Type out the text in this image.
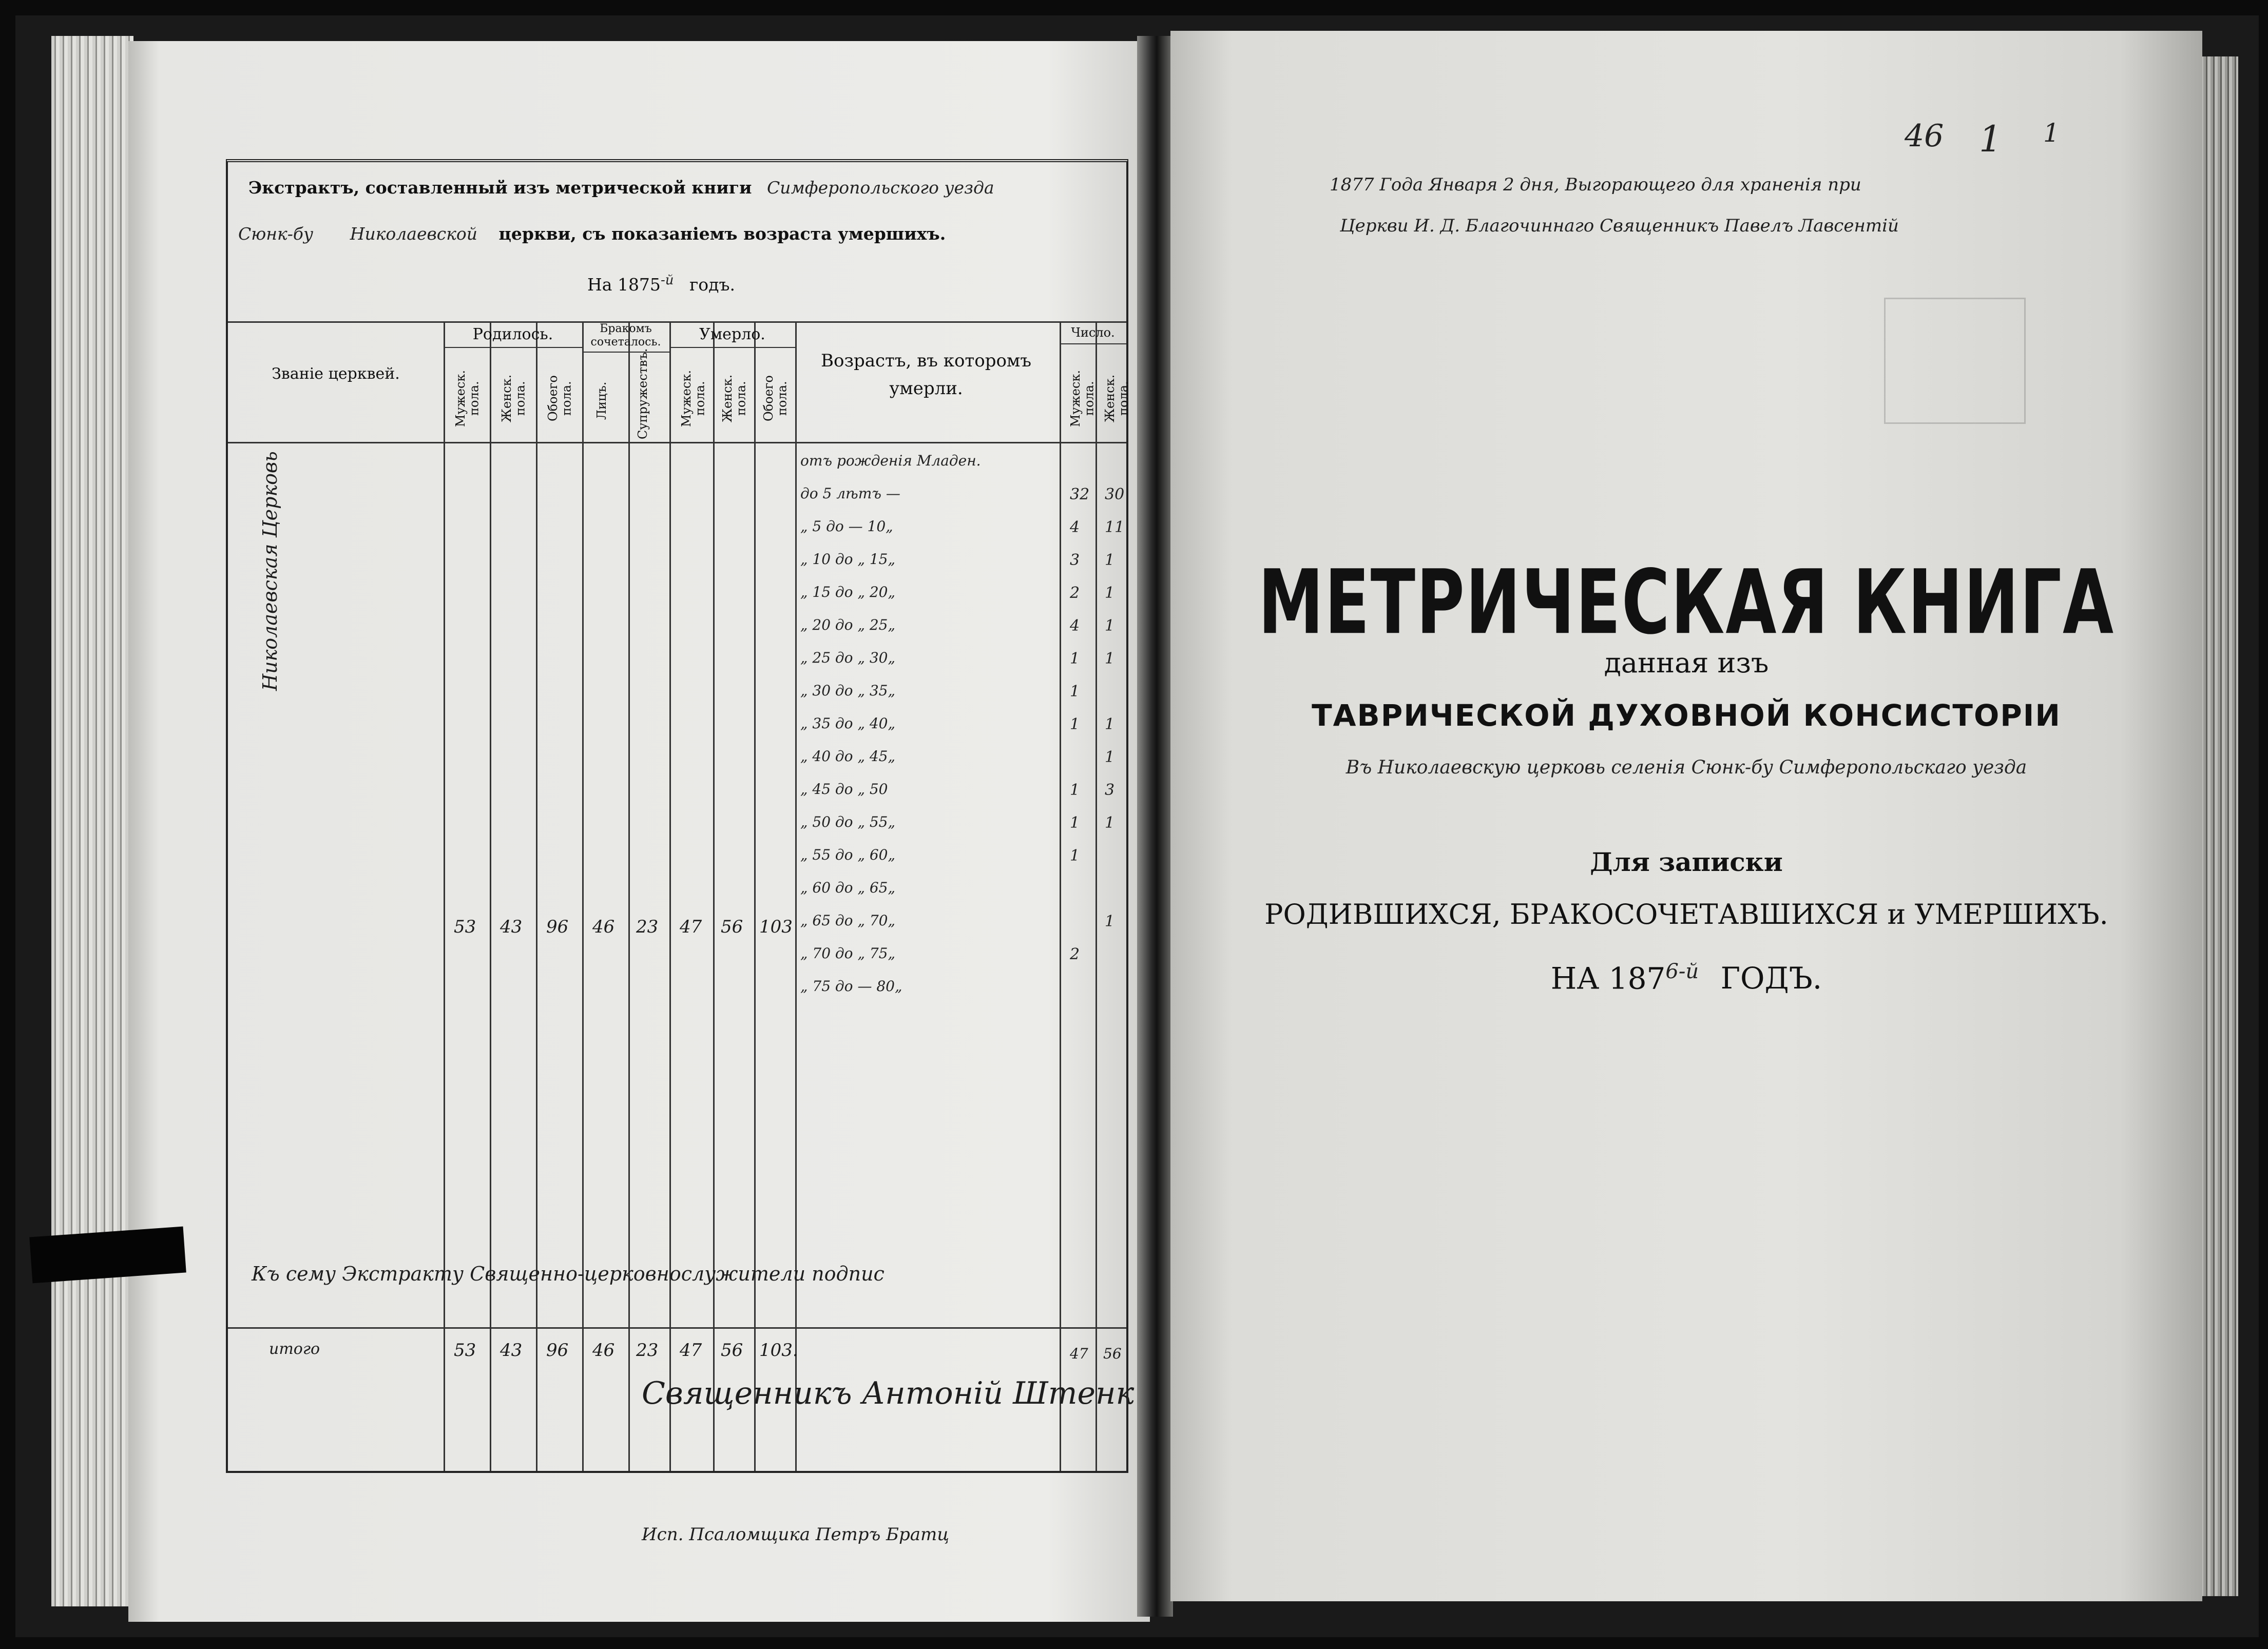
Экстрактъ, составленный изъ метрической книги Симферопольского уезда
Сюнк-бу Николаевской церкви, съ показаніемъ возраста умершихъ.
На $1875^{-й}$ годъ.
Званіе церквей.
Родилось.
Мужеск. пола. Женск. пола. Обоего пола.
Бракомъ сочеталось.
Лицъ. Супружествъ.
Умерло.
Мужеск. пола. Женск. пола. Обоего пола.
Возрастъ, въ которомъ умерли.
Число.
Мужеск. пола. Женск. пола.
Николаевская Церковь
53 43 96 46 23 47 56 103
отъ рожденія Младен.
до 5 лѣтъ —
„ 5 до — 10„
„ 10 до „ 15„
„ 15 до „ 20„
„ 20 до „ 25„
„ 25 до „ 30„
„ 30 до „ 35„
„ 35 до „ 40„
„ 40 до „ 45„
„ 45 до „ 50
„ 50 до „ 55„
„ 55 до „ 60„
„ 60 до „ 65„
„ 65 до „ 70„
„ 70 до „ 75„
„ 75 до — 80„
32
4
3
2
4
1
1
1
1
1
1
2
30
11
1
1
1
1
1
1
3
1
1
итого	53 43 96 46 23 47 56 103.	47 56
Къ сему Экстракту Священно-церковнослужители подпис
Священникъ Антоній Штенк
Исп. Псаломщика Петръ Братц
46 1 1
1877 Года Января 2 дня, Выгорающего для храненія при
Церкви И. Д. Благочиннаго Священникъ Павелъ Лавсентій

МЕТРИЧЕСКАЯ КНИГА
данная изъ
ТАВРИЧЕСКОЙ ДУХОВНОЙ КОНСИСТОРІИ
Въ Николаевскую церковь селенія Сюнк-бу Симферопольскаго уезда
Для записки
РОДИВШИХСЯ, БРАКОСОЧЕТАВШИХСЯ и УМЕРШИХЪ.
НА $187^{6-й}$ ГОДЪ.
